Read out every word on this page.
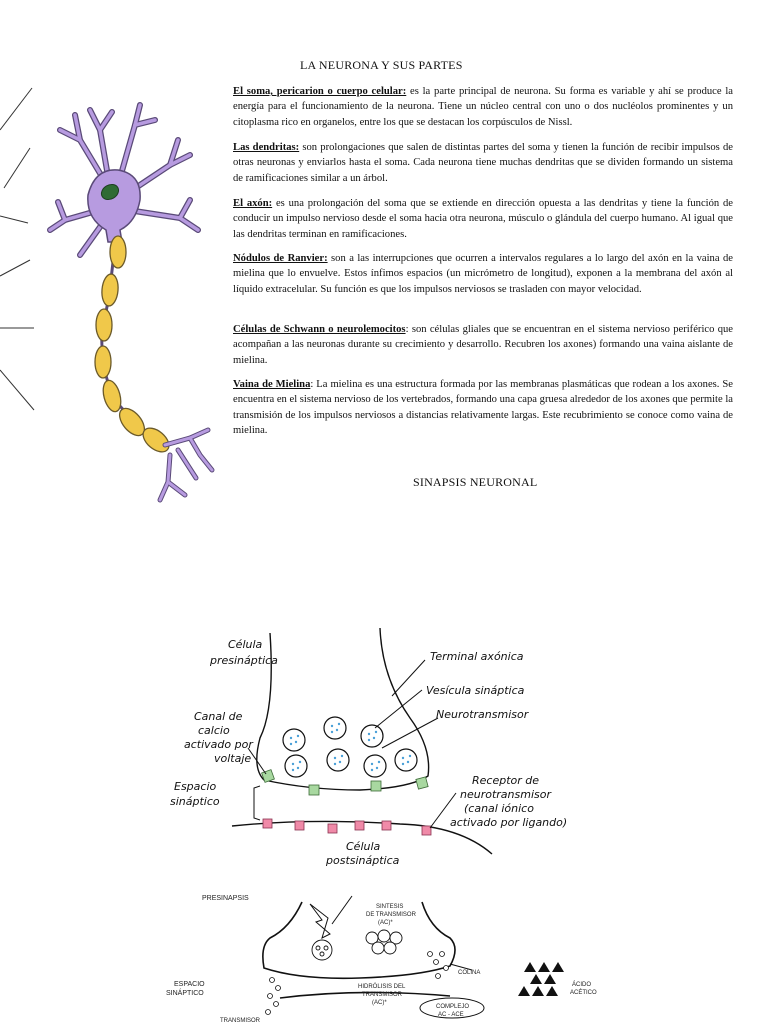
LA NEURONA Y SUS PARTES
El soma, pericarion o cuerpo celular: es la parte principal de neurona. Su forma es variable y ahí se produce la energía para el funcionamiento de la neurona. Tiene un núcleo central con uno o dos nucléolos prominentes y un citoplasma rico en organelos, entre los que se destacan los corpúsculos de Nissl.
Las dendritas: son prolongaciones que salen de distintas partes del soma y tienen la función de recibir impulsos de otras neuronas y enviarlos hasta el soma. Cada neurona tiene muchas dendritas que se dividen formando un sistema de ramificaciones similar a un árbol.
El axón: es una prolongación del soma que se extiende en dirección opuesta a las dendritas y tiene la función de conducir un impulso nervioso desde el soma hacia otra neurona, músculo o glándula del cuerpo humano. Al igual que las dendritas terminan en ramificaciones.
Nódulos de Ranvier: son a las interrupciones que ocurren a intervalos regulares a lo largo del axón en la vaina de mielina que lo envuelve. Estos ínfimos espacios (un micrómetro de longitud), exponen a la membrana del axón al líquido extracelular. Su función es que los impulsos nerviosos se trasladen con mayor velocidad.
Células de Schwann o neurolemocitos: son células gliales que se encuentran en el sistema nervioso periférico que acompañan a las neuronas durante su crecimiento y desarrollo. Recubren los axones) formando una vaina aislante de mielina.
Vaina de Mielina: La mielina es una estructura formada por las membranas plasmáticas que rodean a los axones. Se encuentra en el sistema nervioso de los vertebrados, formando una capa gruesa alrededor de los axones que permite la transmisión de los impulsos nerviosos a distancias relativamente largas. Este recubrimiento se conoce como vaina de mielina.
SINAPSIS NEURONAL
Célula presináptica	Terminal axónica
Vesícula sináptica
Neurotransmisor
Canal de calcio activado por voltaje
Espacio sináptico
Receptor de neurotransmisor (canal iónico activado por ligando)
Célula postsináptica
PRESINAPSIS
SINTESIS DE TRANSMISOR (AC)*
ESPACIO SINÁPTICO
COLINA
HIDRÓLISIS DEL TRANSMISOR (AC)*
COMPLEJO AC - ACE
ÁCIDO ACÉTICO
TRANSMISOR
